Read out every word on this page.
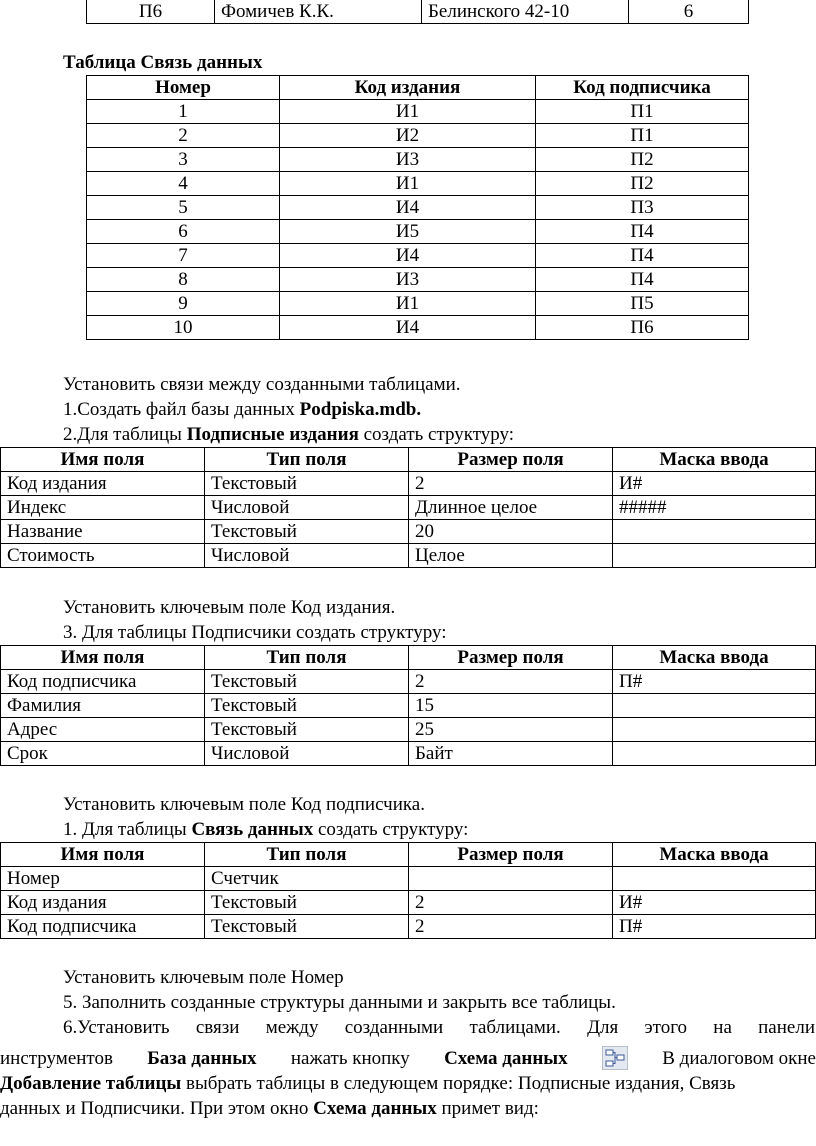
П6	Фомичев К.К.	Белинского 42-10	6
Таблица Связь данных
Номер	Код издания	Код подписчика
1	И1	П1
2	И2	П1
3	И3	П2
4	И1	П2
5	И4	П3
6	И5	П4
7	И4	П4
8	И3	П4
9	И1	П5
10	И4	П6
Установить связи между созданными таблицами.
1.Создать файл базы данных Podpiska.mdb.
2.Для таблицы Подписные издания создать структуру:
Имя поля	Тип поля	Размер поля	Маска ввода
Код издания	Текстовый	2	И#
Индекс	Числовой	Длинное целое	#####
Название	Текстовый	20	
Стоимость	Числовой	Целое	
Установить ключевым поле Код издания.
3. Для таблицы Подписчики создать структуру:
Имя поля	Тип поля	Размер поля	Маска ввода
Код подписчика	Текстовый	2	П#
Фамилия	Текстовый	15	
Адрес	Текстовый	25	
Срок	Числовой	Байт	
Установить ключевым поле Код подписчика.
1. Для таблицы Связь данных создать структуру:
Имя поля	Тип поля	Размер поля	Маска ввода
Номер	Счетчик		
Код издания	Текстовый	2	И#
Код подписчика	Текстовый	2	П#
Установить ключевым поле Номер
5. Заполнить созданные структуры данными и закрыть все таблицы.
6.Установить связи между созданными таблицами. Для этого на панели
инструментов База данных нажать кнопку Схема данных	В диалоговом окне
Добавление таблицы выбрать таблицы в следующем порядке: Подписные издания, Связь
данных и Подписчики. При этом окно Схема данных примет вид:
